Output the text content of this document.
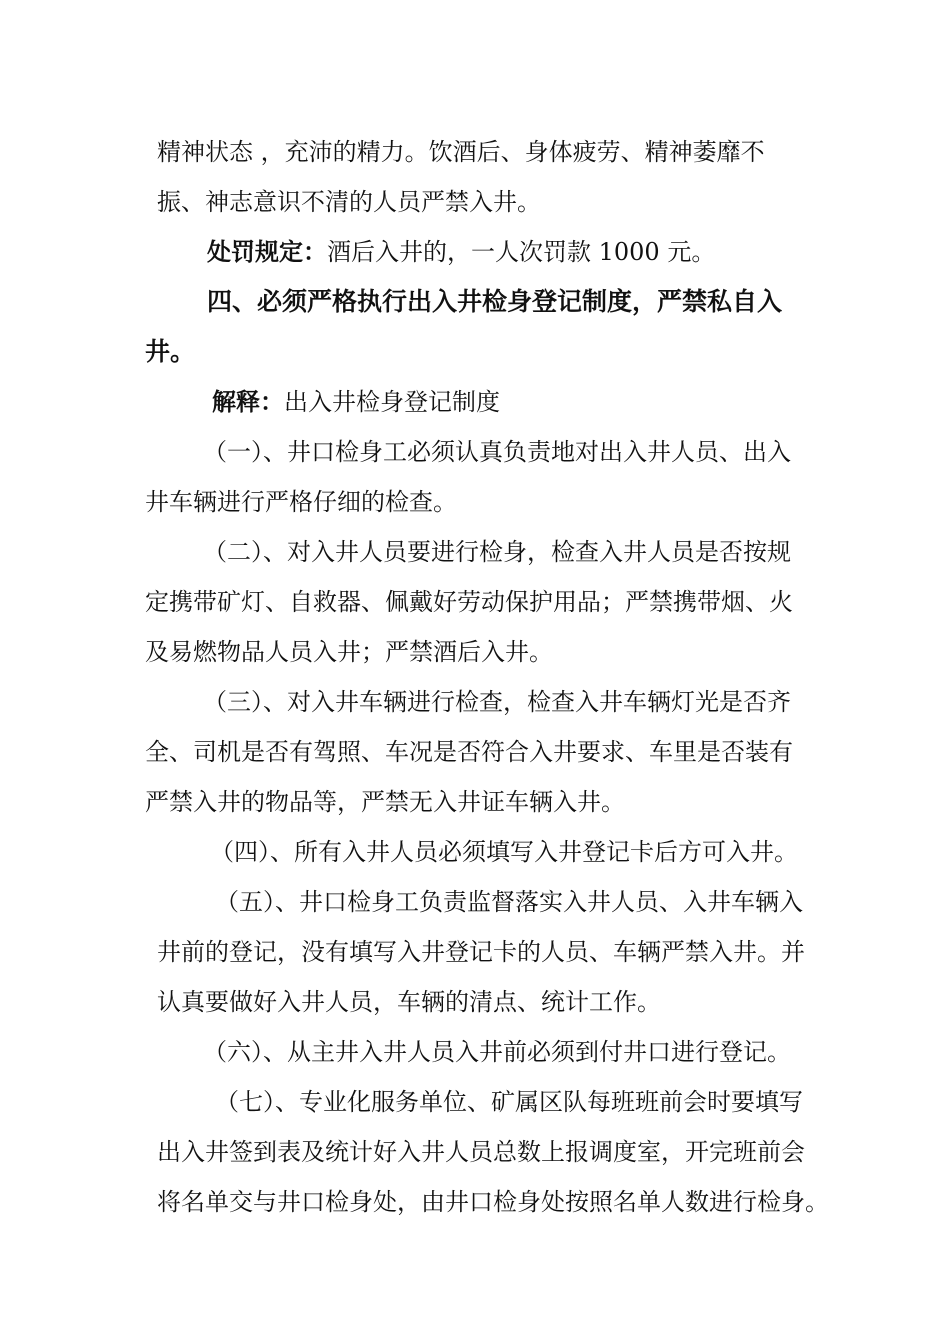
精神状态 ，充沛的精力。饮酒后、身体疲劳、精神萎靡不
振、神志意识不清的人员严禁入井。
处罚规定：酒后入井的，一人次罚款 1000 元。
四、必须严格执行出入井检身登记制度，严禁私自入
井。
解释：出入井检身登记制度
（一）、井口检身工必须认真负责地对出入井人员、出入
井车辆进行严格仔细的检查。
（二）、对入井人员要进行检身，检查入井人员是否按规
定携带矿灯、自救器、佩戴好劳动保护用品；严禁携带烟、火
及易燃物品人员入井；严禁酒后入井。
（三）、对入井车辆进行检查，检查入井车辆灯光是否齐
全、司机是否有驾照、车况是否符合入井要求、车里是否装有
严禁入井的物品等，严禁无入井证车辆入井。
（四）、所有入井人员必须填写入井登记卡后方可入井。
（五）、井口检身工负责监督落实入井人员、入井车辆入
井前的登记，没有填写入井登记卡的人员、车辆严禁入井。并
认真要做好入井人员，车辆的清点、统计工作。
（六）、从主井入井人员入井前必须到付井口进行登记。
（七）、专业化服务单位、矿属区队每班班前会时要填写
出入井签到表及统计好入井人员总数上报调度室，开完班前会
将名单交与井口检身处，由井口检身处按照名单人数进行检身。
